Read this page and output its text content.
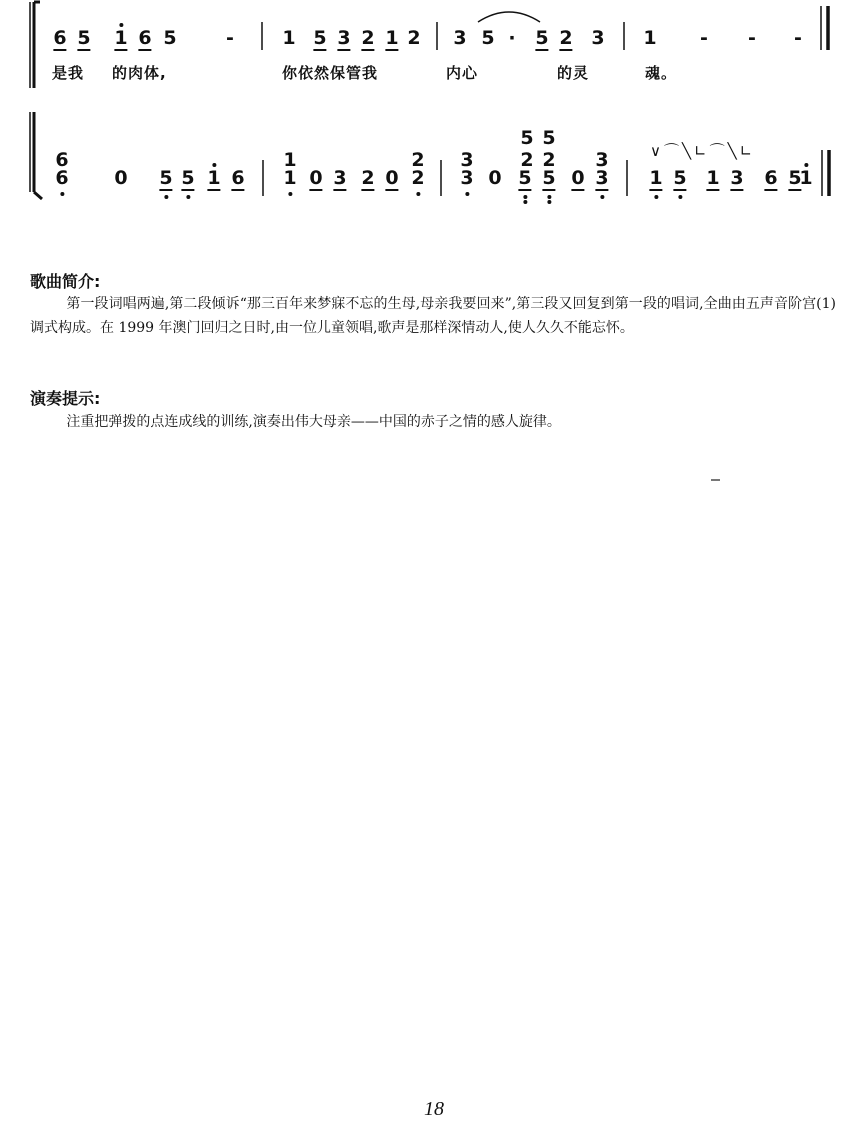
6 5 1 6 5	-	1 5 3 2 1 2 3 5 · 5 2 3 1 - - -
是我 的肉体,	你依然保管我	内心	的灵	魂。
6	1	2 3
5 5
2 2 3	∨⌒╲∟⌒╲∟
6 0 5 5 1 6 1 0 3 2 0 2 3 0 5 5 0 3 1 5 1 3 6 5
1
歌曲简介:
第一段词唱两遍,第二段倾诉“那三百年来梦寐不忘的生母,母亲我要回来”,第三段又回复到第一段的唱词,全曲由五声音阶宫(1)调式构成。在 1999 年澳门回归之日时,由一位儿童领唱,歌声是那样深情动人,使人久久不能忘怀。
演奏提示:
注重把弹拨的点连成线的训练,演奏出伟大母亲——中国的赤子之情的感人旋律。
18
